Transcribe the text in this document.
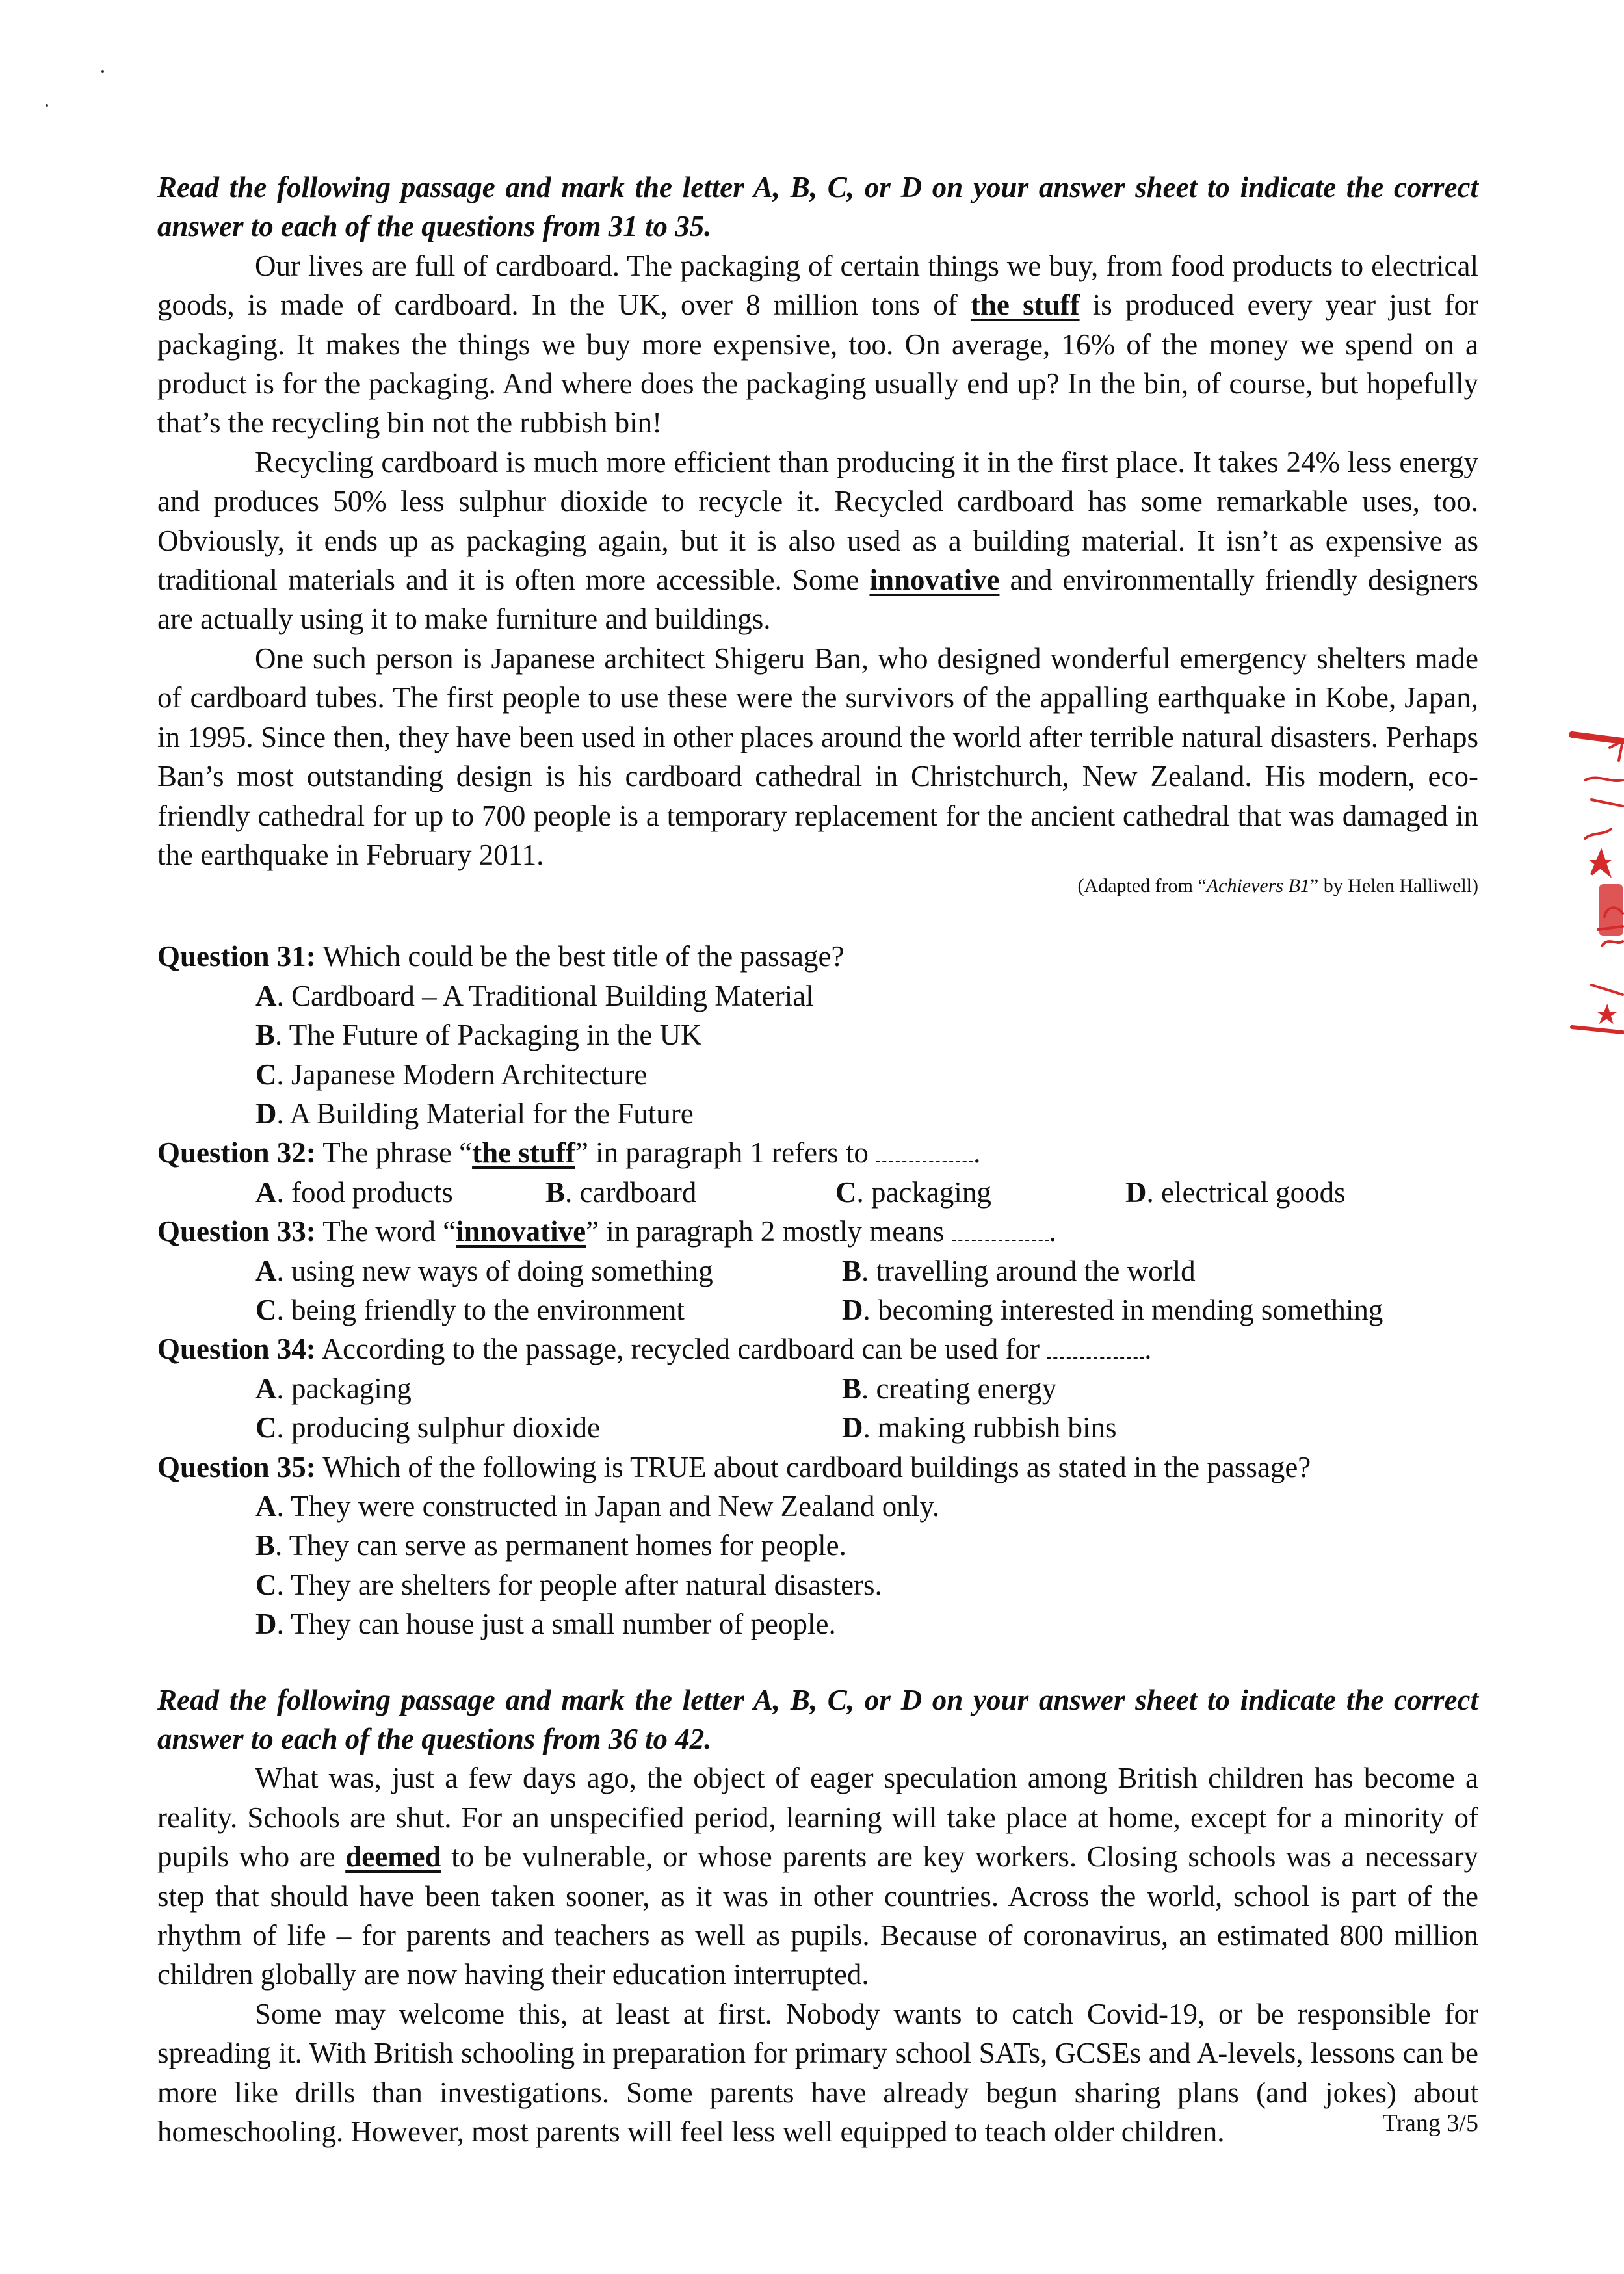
Read the following passage and mark the letter A, B, C, or D on your answer sheet to indicate the correct answer to each of the questions from 31 to 35.

Our lives are full of cardboard. The packaging of certain things we buy, from food products to electrical goods, is made of cardboard. In the UK, over 8 million tons of the stuff is produced every year just for packaging. It makes the things we buy more expensive, too. On average, 16% of the money we spend on a product is for the packaging. And where does the packaging usually end up? In the bin, of course, but hopefully that’s the recycling bin not the rubbish bin!

Recycling cardboard is much more efficient than producing it in the first place. It takes 24% less energy and produces 50% less sulphur dioxide to recycle it. Recycled cardboard has some remarkable uses, too. Obviously, it ends up as packaging again, but it is also used as a building material. It isn’t as expensive as traditional materials and it is often more accessible. Some innovative and environmentally friendly designers are actually using it to make furniture and buildings.

One such person is Japanese architect Shigeru Ban, who designed wonderful emergency shelters made of cardboard tubes. The first people to use these were the survivors of the appalling earthquake in Kobe, Japan, in 1995. Since then, they have been used in other places around the world after terrible natural disasters. Perhaps Ban’s most outstanding design is his cardboard cathedral in Christchurch, New Zealand. His modern, eco-friendly cathedral for up to 700 people is a temporary replacement for the ancient cathedral that was damaged in the earthquake in February 2011.

(Adapted from “Achievers B1” by Helen Halliwell)

Question 31: Which could be the best title of the passage?

A. Cardboard – A Traditional Building Material

B. The Future of Packaging in the UK

C. Japanese Modern Architecture

D. A Building Material for the Future

Question 32: The phrase “the stuff” in paragraph 1 refers to	.

A. food products	B. cardboard	C. packaging	D. electrical goods

Question 33: The word “innovative” in paragraph 2 mostly means	.

A. using new ways of doing something	B. travelling around the world

C. being friendly to the environment	D. becoming interested in mending something

Question 34: According to the passage, recycled cardboard can be used for	.

A. packaging	B. creating energy

C. producing sulphur dioxide	D. making rubbish bins

Question 35: Which of the following is TRUE about cardboard buildings as stated in the passage?

A. They were constructed in Japan and New Zealand only.

B. They can serve as permanent homes for people.

C. They are shelters for people after natural disasters.

D. They can house just a small number of people.

Read the following passage and mark the letter A, B, C, or D on your answer sheet to indicate the correct answer to each of the questions from 36 to 42.

What was, just a few days ago, the object of eager speculation among British children has become a reality. Schools are shut. For an unspecified period, learning will take place at home, except for a minority of pupils who are deemed to be vulnerable, or whose parents are key workers. Closing schools was a necessary step that should have been taken sooner, as it was in other countries. Across the world, school is part of the rhythm of life – for parents and teachers as well as pupils. Because of coronavirus, an estimated 800 million children globally are now having their education interrupted.

Some may welcome this, at least at first. Nobody wants to catch Covid-19, or be responsible for spreading it. With British schooling in preparation for primary school SATs, GCSEs and A-levels, lessons can be more like drills than investigations. Some parents have already begun sharing plans (and jokes) about homeschooling. However, most parents will feel less well equipped to teach older children.	Trang 3/5
